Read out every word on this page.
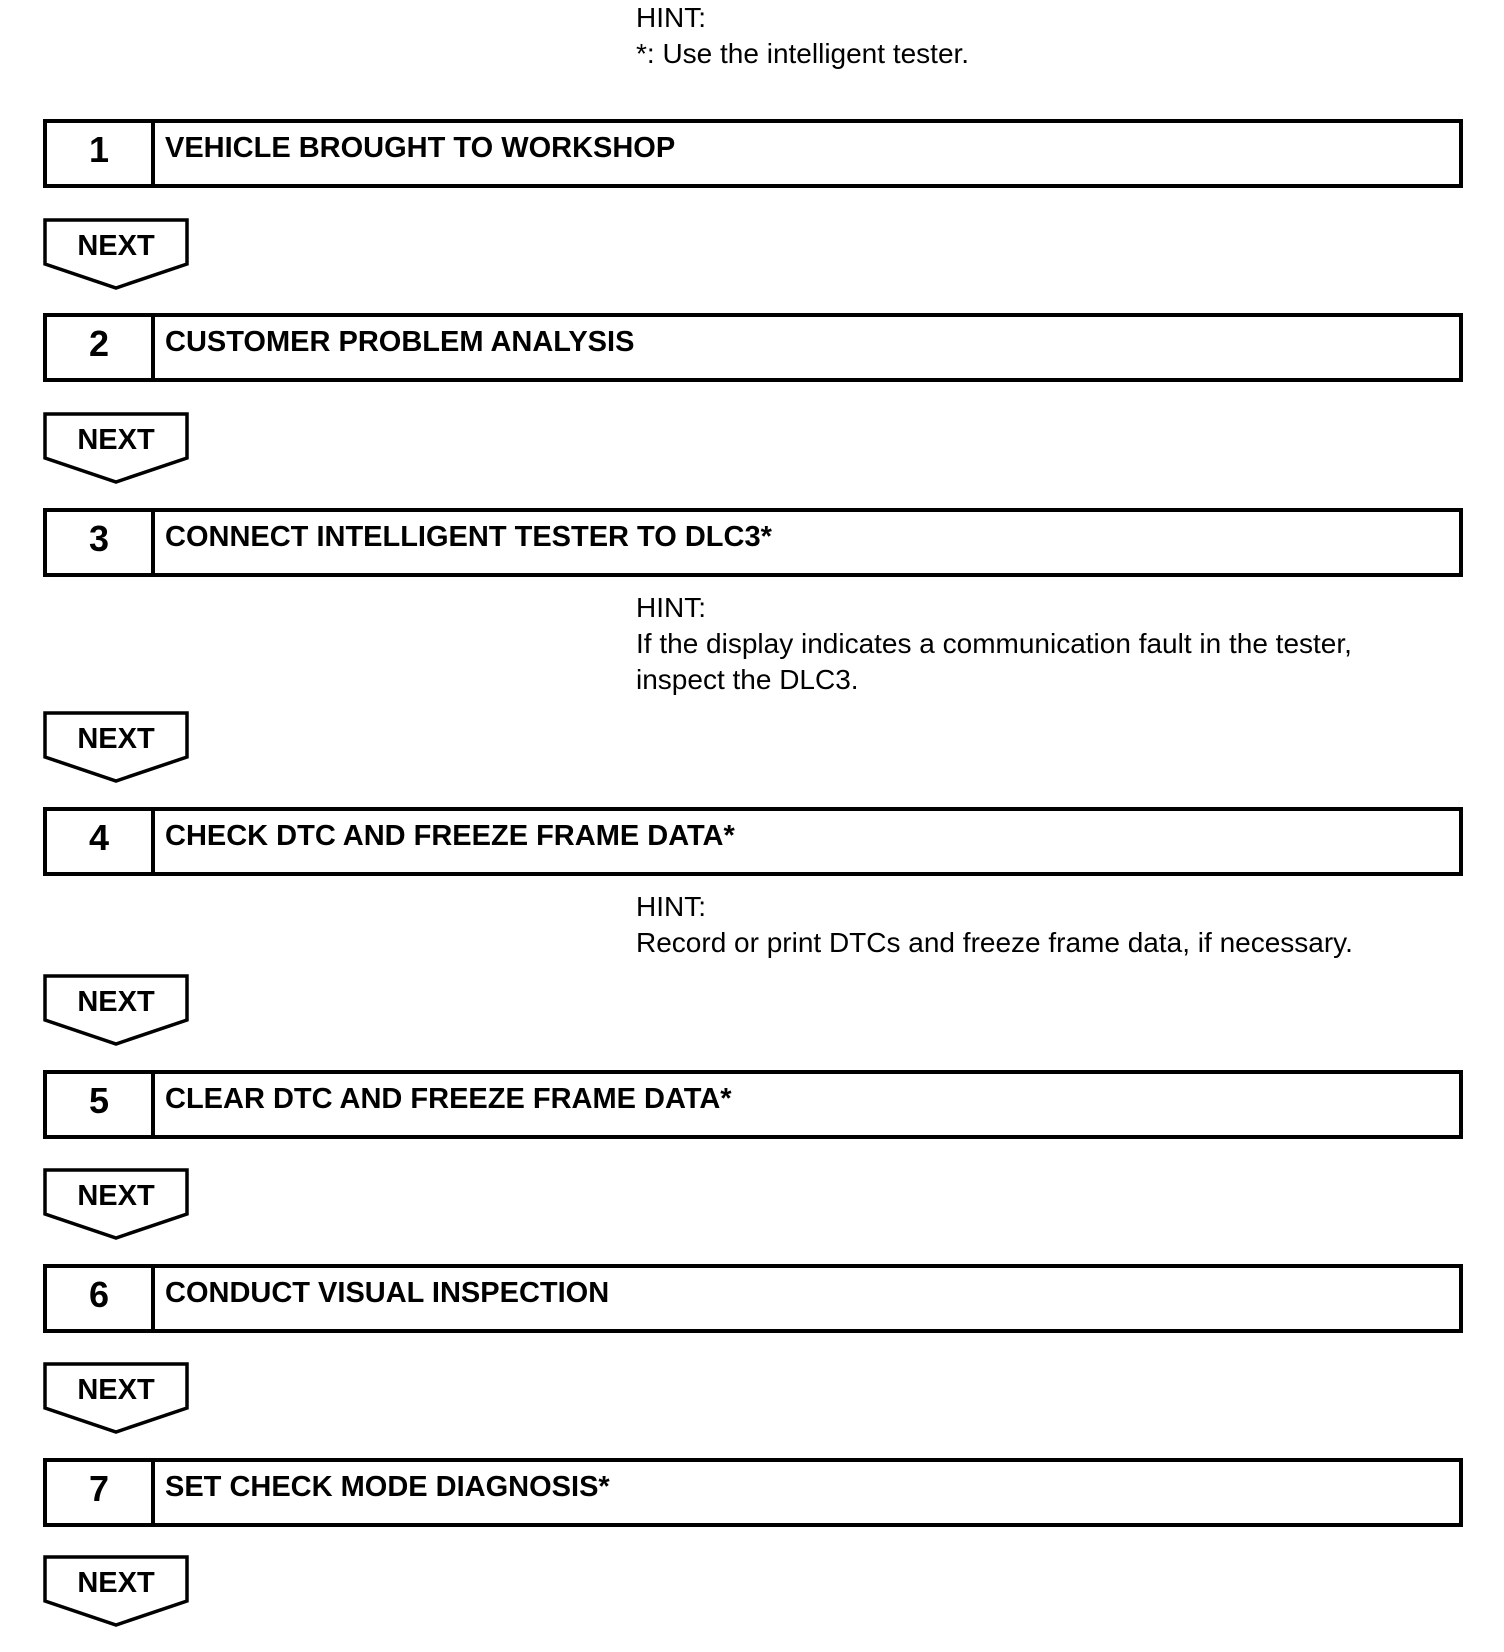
HINT:
*: Use the intelligent tester.
1	VEHICLE BROUGHT TO WORKSHOP
NEXT
2	CUSTOMER PROBLEM ANALYSIS
NEXT
3	CONNECT INTELLIGENT TESTER TO DLC3*
HINT:
If the display indicates a communication fault in the tester,
inspect the DLC3.
NEXT
4	CHECK DTC AND FREEZE FRAME DATA*
HINT:
Record or print DTCs and freeze frame data, if necessary.
NEXT
5	CLEAR DTC AND FREEZE FRAME DATA*
NEXT
6	CONDUCT VISUAL INSPECTION
NEXT
7	SET CHECK MODE DIAGNOSIS*
NEXT
